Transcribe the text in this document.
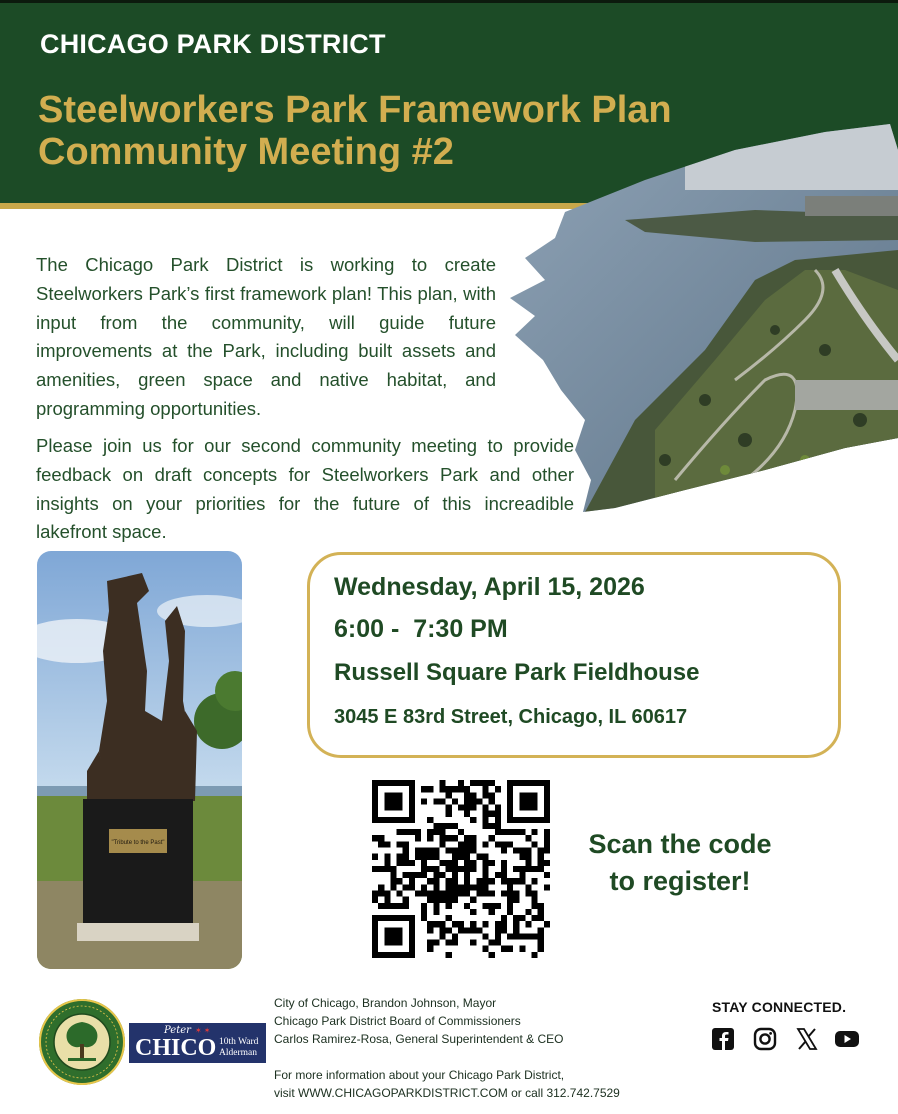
CHICAGO PARK DISTRICT
Steelworkers Park Framework Plan
Community Meeting #2

The Chicago Park District is working to create Steelworkers Park’s first framework plan! This plan, with input from the community, will guide future improvements at the Park, including built assets and amenities, green space and native habitat, and programming opportunities.

Please join us for our second community meeting to provide feedback on draft concepts for Steelworkers Park and other insights on your priorities for the future of this increadible lakefront space.

"Tribute to the Past"
Wednesday, April 15, 2026
6:00 -  7:30 PM
Russell Square Park Fieldhouse
3045 E 83rd Street, Chicago, IL 60617
Scan the code
to register!
Peter ✶✶
CHICO 10th Ward
Alderman
City of Chicago, Brandon Johnson, Mayor
Chicago Park District Board of Commissioners
Carlos Ramirez-Rosa, General Superintendent & CEO
For more information about your Chicago Park District,
visit WWW.CHICAGOPARKDISTRICT.COM or call 312.742.7529
STAY CONNECTED.
